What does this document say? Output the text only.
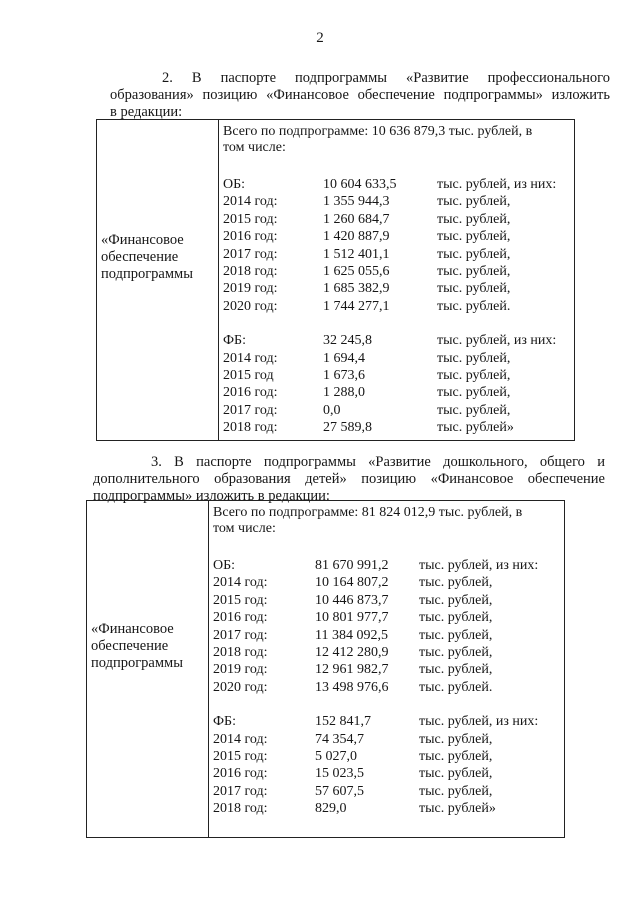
2
2. В паспорте подпрограммы «Развитие профессионального
образования» позицию «Финансовое обеспечение подпрограммы» изложить
в редакции:
«Финансовое
обеспечение
подпрограммы
Всего по подпрограмме: 10 636 879,3 тыс. рублей, в
том числе:
ОБ:	10 604 633,5	тыс. рублей, из них:
2014 год:	1 355 944,3	тыс. рублей,
2015 год:	1 260 684,7	тыс. рублей,
2016 год:	1 420 887,9	тыс. рублей,
2017 год:	1 512 401,1	тыс. рублей,
2018 год:	1 625 055,6	тыс. рублей,
2019 год:	1 685 382,9	тыс. рублей,
2020 год:	1 744 277,1	тыс. рублей.
ФБ:	32 245,8	тыс. рублей, из них:
2014 год:	1 694,4	тыс. рублей,
2015 год	1 673,6	тыс. рублей,
2016 год:	1 288,0	тыс. рублей,
2017 год:	0,0	тыс. рублей,
2018 год:	27 589,8	тыс. рублей»
3. В паспорте подпрограммы «Развитие дошкольного, общего и
дополнительного образования детей» позицию «Финансовое обеспечение
подпрограммы» изложить в редакции:
«Финансовое
обеспечение
подпрограммы
Всего по подпрограмме: 81 824 012,9 тыс. рублей, в
том числе:
ОБ:	81 670 991,2 тыс. рублей, из них:
2014 год:	10 164 807,2 тыс. рублей,
2015 год:	10 446 873,7 тыс. рублей,
2016 год:	10 801 977,7 тыс. рублей,
2017 год:	11 384 092,5 тыс. рублей,
2018 год:	12 412 280,9 тыс. рублей,
2019 год:	12 961 982,7 тыс. рублей,
2020 год:	13 498 976,6 тыс. рублей.
ФБ:	152 841,7	тыс. рублей, из них:
2014 год:	74 354,7	тыс. рублей,
2015 год:	5 027,0	тыс. рублей,
2016 год:	15 023,5	тыс. рублей,
2017 год:	57 607,5	тыс. рублей,
2018 год:	829,0	тыс. рублей»
